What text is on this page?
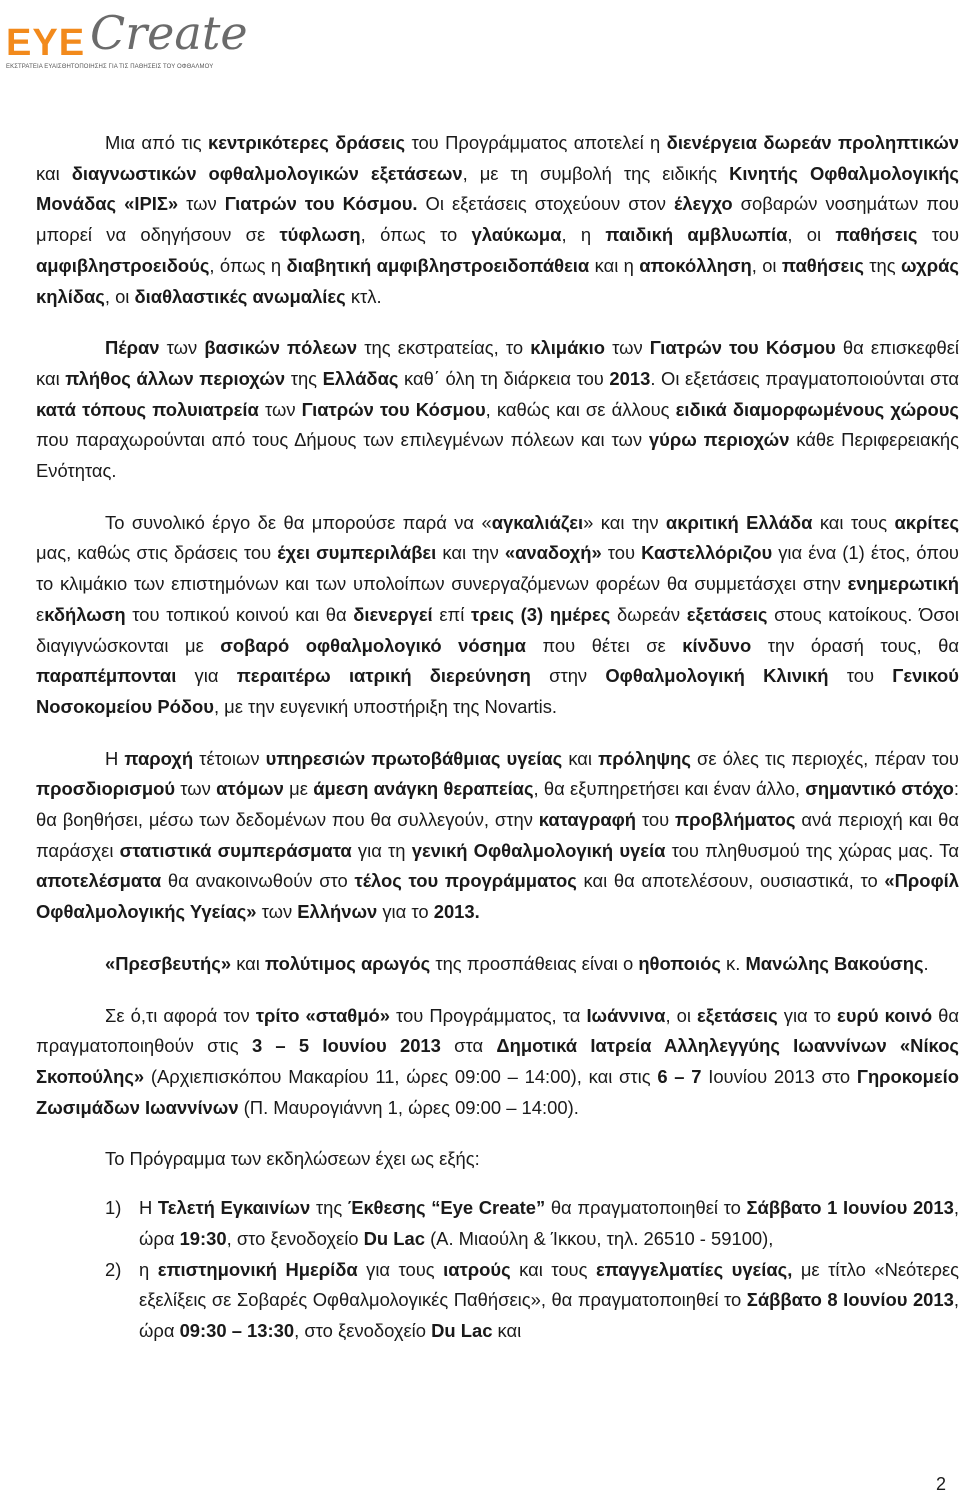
ΕΥΕ Create
ΕΚΣΤΡΑΤΕΙΑ ΕΥΑΙΣΘΗΤΟΠΟΙΗΣΗΣ ΓΙΑ ΤΙΣ ΠΑΘΗΣΕΙΣ ΤΟΥ ΟΦΘΑΛΜΟΥ

Μια από τις κεντρικότερες δράσεις του Προγράμματος αποτελεί η διενέργεια δωρεάν προληπτικών και διαγνωστικών οφθαλμολογικών εξετάσεων, με τη συμβολή της ειδικής Κινητής Οφθαλμολογικής Μονάδας «ΙΡΙΣ» των Γιατρών του Κόσμου. Οι εξετάσεις στοχεύουν στον έλεγχο σοβαρών νοσημάτων που μπορεί να οδηγήσουν σε τύφλωση, όπως το γλαύκωμα, η παιδική αμβλυωπία, οι παθήσεις του αμφιβληστροειδούς, όπως η διαβητική αμφιβληστροειδοπάθεια και η αποκόλληση, οι παθήσεις της ωχράς κηλίδας, οι διαθλαστικές ανωμαλίες κτλ.

Πέραν των βασικών πόλεων της εκστρατείας, το κλιμάκιο των Γιατρών του Κόσμου θα επισκεφθεί και πλήθος άλλων περιοχών της Ελλάδας καθ΄ όλη τη διάρκεια του 2013. Οι εξετάσεις πραγματοποιούνται στα κατά τόπους πολυιατρεία των Γιατρών του Κόσμου, καθώς και σε άλλους ειδικά διαμορφωμένους χώρους που παραχωρούνται από τους Δήμους των επιλεγμένων πόλεων και των γύρω περιοχών κάθε Περιφερειακής Ενότητας.

Το συνολικό έργο δε θα μπορούσε παρά να «αγκαλιάζει» και την ακριτική Ελλάδα και τους ακρίτες μας, καθώς στις δράσεις του έχει συμπεριλάβει και την «αναδοχή» του Καστελλόριζου για ένα (1) έτος, όπου το κλιμάκιο των επιστημόνων και των υπολοίπων συνεργαζόμενων φορέων θα συμμετάσχει στην ενημερωτική εκδήλωση του τοπικού κοινού και θα διενεργεί επί τρεις (3) ημέρες δωρεάν εξετάσεις στους κατοίκους. Όσοι διαγιγνώσκονται με σοβαρό οφθαλμολογικό νόσημα που θέτει σε κίνδυνο την όρασή τους, θα παραπέμπονται για περαιτέρω ιατρική διερεύνηση στην Οφθαλμολογική Κλινική του Γενικού Νοσοκομείου Ρόδου, με την ευγενική υποστήριξη της Novartis.

Η παροχή τέτοιων υπηρεσιών πρωτοβάθμιας υγείας και πρόληψης σε όλες τις περιοχές, πέραν του προσδιορισμού των ατόμων με άμεση ανάγκη θεραπείας, θα εξυπηρετήσει και έναν άλλο, σημαντικό στόχο: θα βοηθήσει, μέσω των δεδομένων που θα συλλεγούν, στην καταγραφή του προβλήματος ανά περιοχή και θα παράσχει στατιστικά συμπεράσματα για τη γενική Οφθαλμολογική υγεία του πληθυσμού της χώρας μας. Τα αποτελέσματα θα ανακοινωθούν στο τέλος του προγράμματος και θα αποτελέσουν, ουσιαστικά, το «Προφίλ Οφθαλμολογικής Υγείας» των Ελλήνων για το 2013.

«Πρεσβευτής» και πολύτιμος αρωγός της προσπάθειας είναι ο ηθοποιός κ. Μανώλης Βακούσης.

Σε ό,τι αφορά τον τρίτο «σταθμό» του Προγράμματος, τα Ιωάννινα, οι εξετάσεις για το ευρύ κοινό θα πραγματοποιηθούν στις 3 – 5 Ιουνίου 2013 στα Δημοτικά Ιατρεία Αλληλεγγύης Ιωαννίνων «Νίκος Σκοπούλης» (Αρχιεπισκόπου Μακαρίου 11, ώρες 09:00 – 14:00), και στις 6 – 7 Ιουνίου 2013 στο Γηροκομείο Ζωσιμάδων Ιωαννίνων (Π. Μαυρογιάννη 1, ώρες 09:00 – 14:00).

Το Πρόγραμμα των εκδηλώσεων έχει ως εξής:

1) Η Τελετή Εγκαινίων της Έκθεσης “Eye Create” θα πραγματοποιηθεί το Σάββατο 1 Ιουνίου 2013, ώρα 19:30, στο ξενοδοχείο Du Lac (Α. Μιαούλη & Ίκκου, τηλ. 26510 - 59100),
2) η επιστημονική Ημερίδα για τους ιατρούς και τους επαγγελματίες υγείας, με τίτλο «Νεότερες εξελίξεις σε Σοβαρές Οφθαλμολογικές Παθήσεις», θα πραγματοποιηθεί το Σάββατο 8 Ιουνίου 2013, ώρα 09:30 – 13:30, στο ξενοδοχείο Du Lac και
2
